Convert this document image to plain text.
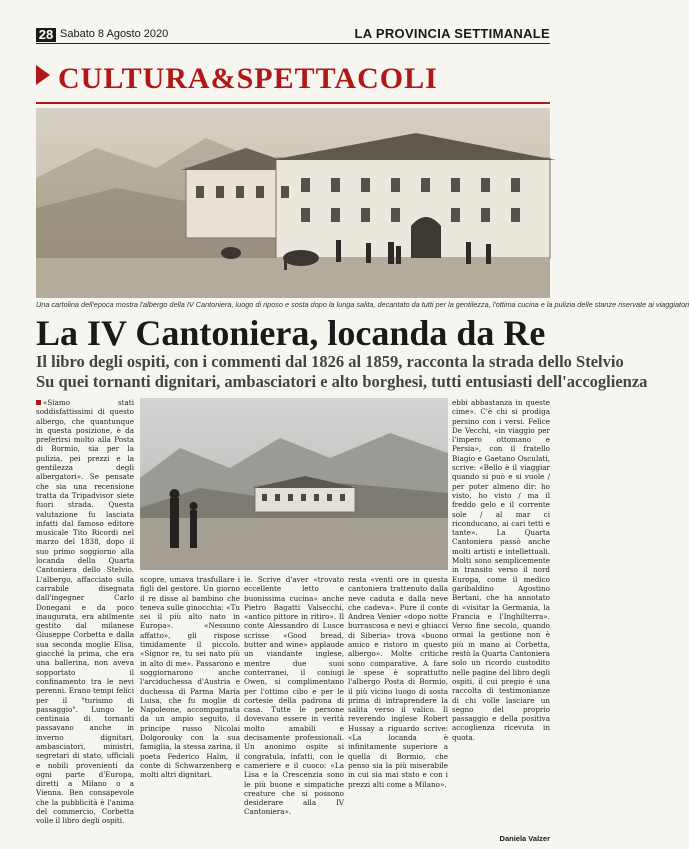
28 Sabato 8 Agosto 2020	LA PROVINCIA SETTIMANALE
CULTURA&SPETTACOLI
Una cartolina dell'epoca mostra l'albergo della IV Cantoniera, luogo di riposo e sosta dopo la lunga salita, decantato da tutti per la gentilezza, l'ottima cucina e la pulizia delle stanze riservate ai viaggiatori
La IV Cantoniera, locanda da Re
Il libro degli ospiti, con i commenti dal 1826 al 1859, racconta la strada dello Stelvio
Su quei tornanti dignitari, ambasciatori e alto borghesi, tutti entusiasti dell'accoglienza
«Siamo stati soddisfattissimi di questo albergo, che quantunque in questa posizione, è da preferirsi molto alla Posta di Bormio, sia per la pulizia, pei prezzi e la gentilezza degli albergatori». Se pensate che sia una recensione tratta da Tripadvisor siete fuori strada. Questa valutazione fu lasciata infatti dal famoso editore musicale Tito Ricordi nel marzo del 1838, dopo il suo primo soggiorno alla locanda della Quarta Cantoniera dello Stelvio. L'albergo, affacciato sulla carrabile disegnata dall'ingegner Carlo Donegani e da poco inaugurata, era abilmente gestito dal milanese Giuseppe Corbetta e dalla sua seconda moglie Elisa, giacché la prima, che era una ballerina, non aveva sopportato il confinamento tra le nevi perenni. Erano tempi felici per il "turismo di passaggio". Lungo le centinaia di tornanti passavano anche in inverno dignitari, ambasciatori, ministri, segretari di stato, ufficiali e nobili provenienti da ogni parte d'Europa, diretti a Milano o a Vienna. Ben consapevole che la pubblicità è l'anima del commercio, Corbetta volle il libro degli ospiti.
scopre, umava trasfullare i figli del gestore. Un giorno il re disse al bambino che teneva sulle ginocchia: «Tu sei il più alto nato in Europa». «Nessuno affatto», gli rispose timidamente il piccolo. «Signor re, tu sei nato più in alto di me». Passarono e soggiornarono anche l'arciduchessa d'Austria e duchessa di Parma Maria Luisa, che fu moglie di Napoleone, accompagnata da un ampio seguito, il principe russo Nicolai Dolgorouky con la sua famiglia, la stessa zarina, il poeta Federico Halm, il conte di Schwarzenberg e molti altri dignitari.
le. Scrive d'aver «trovato eccellente letto e buonissima cucina» anche Pietro Bagatti Valsecchi, «antico pittore in ritiro». Il conte Alessandro di Lusce scrisse «Good bread, butter and wine» applaude un viandante inglese, mentre due suoi conterranei, il coniugi Owen, si complimentano per l'ottimo cibo e per le cortesie della padrona di casa. Tutte le persone dovevano essere in verità molto amabili e decisamente professionali. Un anonimo ospite si congratula, infatti, con le cameriere e il cuoco: «La Lisa e la Crescenzia sono le più buone e simpatiche creature che si possono desiderare alla IV Cantoniera».
resta «venti ore in questa cantoniera trattenuto dalla neve caduta e dalla neve che cadeva». Pure il conte Andrea Venier «dopo notte burrascosa e nevi e ghiacci di Siberia» trova «buono amico e ristoro in questo albergo». Molte critiche sono comparative. A fare le spese è soprattutto l'albergo Posta di Bormio, il più vicino luogo di sosta prima di intraprendere la salita verso il valico. Il reverendo inglese Robert Hussay a riguardo scrive: «La locanda è infinitamente superiore a quella di Bormio, che penso sia la più miserabile in cui sia mai stato e con i prezzi alti come a Milano».
ebbi abbastanza in queste cime». C'è chi si prodiga persino con i versi. Felice De Vecchi, «in viaggio per l'impero ottomano e Persia», con il fratello Biagio e Gaetano Osculati, scrive: «Bello è il viaggiar quando si può e si vuole / per poter almeno dir: ho visto, ho visto / ma il freddo gelo e il corrente sole / al mar ci riconducano, ai cari tetti e tante». La Quarta Cantoniera passò anche molti artisti e intellettuali. Molti sono semplicemente in transito verso il nord Europa, come il medico garibaldino Agostino Bertani, che ha annotato di «visitar la Germania, la Francia e l'Inghilterra». Verso fine secolo, quando ormai la gestione non è più in mano ai Corbetta, restò la Quarta Cantoniera solo un ricordo custodito nelle pagine del libro degli ospiti, il cui pregio è una raccolta di testimonianze di chi volle lasciare un segno del proprio passaggio e della positiva accoglienza ricevuta in quota.
Daniela Valzer
